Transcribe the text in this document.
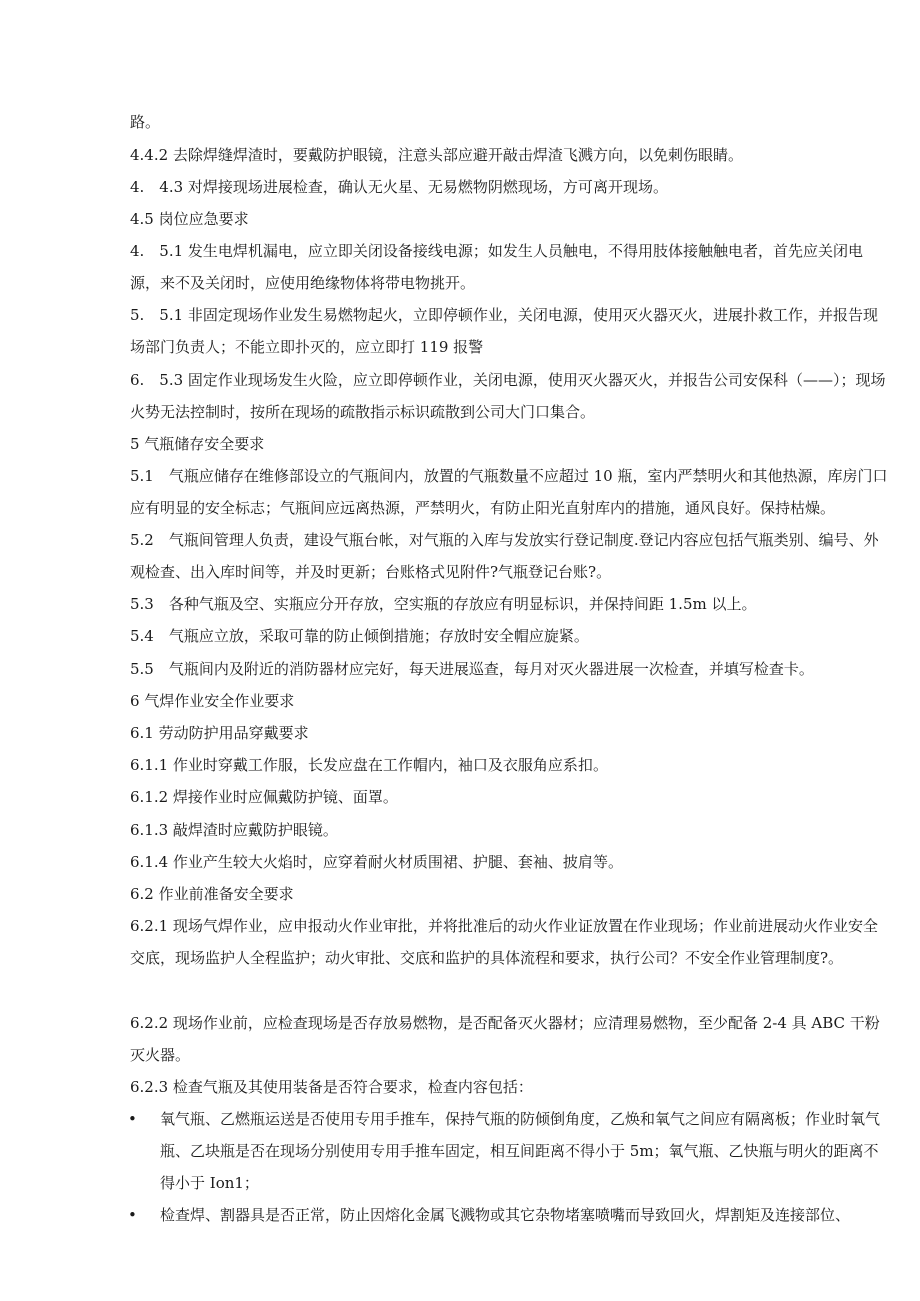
路。

4.4.2 去除焊缝焊渣时，要戴防护眼镜，注意头部应避开敲击焊渣飞溅方向，以免刺伤眼睛。

4.　4.3 对焊接现场进展检查，确认无火星、无易燃物阴燃现场，方可离开现场。

4.5 岗位应急要求

4.　5.1 发生电焊机漏电，应立即关闭设备接线电源；如发生人员触电，不得用肢体接触触电者，首先应关闭电源，来不及关闭时，应使用绝缘物体将带电物挑开。

5.　5.1 非固定现场作业发生易燃物起火，立即停顿作业，关闭电源，使用灭火器灭火，进展扑救工作，并报告现场部门负责人；不能立即扑灭的，应立即打 119 报警

6.　5.3 固定作业现场发生火险，应立即停顿作业，关闭电源，使用灭火器灭火，并报告公司安保科（——）；现场火势无法控制时，按所在现场的疏散指示标识疏散到公司大门口集合。

5 气瓶储存安全要求

5.1　气瓶应储存在维修部设立的气瓶间内，放置的气瓶数量不应超过 10 瓶，室内严禁明火和其他热源，库房门口应有明显的安全标志；气瓶间应远离热源，严禁明火，有防止阳光直射库内的措施，通风良好。保持枯燥。

5.2　气瓶间管理人负责，建设气瓶台帐，对气瓶的入库与发放实行登记制度.登记内容应包括气瓶类别、编号、外观检查、出入库时间等，并及时更新；台账格式见附件?气瓶登记台账?。

5.3　各种气瓶及空、实瓶应分开存放，空实瓶的存放应有明显标识，并保持间距 1.5m 以上。

5.4　气瓶应立放，采取可靠的防止倾倒措施；存放时安全帽应旋紧。

5.5　气瓶间内及附近的消防器材应完好，每天进展巡查，每月对灭火器进展一次检查，并填写检查卡。

6 气焊作业安全作业要求

6.1 劳动防护用品穿戴要求

6.1.1 作业时穿戴工作服，长发应盘在工作帽内，袖口及衣服角应系扣。

6.1.2 焊接作业时应佩戴防护镜、面罩。

6.1.3 敲焊渣时应戴防护眼镜。

6.1.4 作业产生较大火焰时，应穿着耐火材质围裙、护腿、套袖、披肩等。

6.2 作业前准备安全要求

6.2.1 现场气焊作业，应申报动火作业审批，并将批准后的动火作业证放置在作业现场；作业前进展动火作业安全交底，现场监护人全程监护；动火审批、交底和监护的具体流程和要求，执行公司？不安全作业管理制度?。

6.2.2 现场作业前，应检查现场是否存放易燃物，是否配备灭火器材；应清理易燃物，至少配备 2-4 具 ABC 干粉灭火器。

6.2.3 检查气瓶及其使用装备是否符合要求，检查内容包括：

• 氧气瓶、乙燃瓶运送是否使用专用手推车，保持气瓶的防倾倒角度，乙焕和氧气之间应有隔离板；作业时氧气瓶、乙块瓶是否在现场分别使用专用手推车固定，相互间距离不得小于 5m；氧气瓶、乙快瓶与明火的距离不得小于 Ion1；

• 检查焊、割器具是否正常，防止因熔化金属飞溅物或其它杂物堵塞喷嘴而导致回火，焊割矩及连接部位、
